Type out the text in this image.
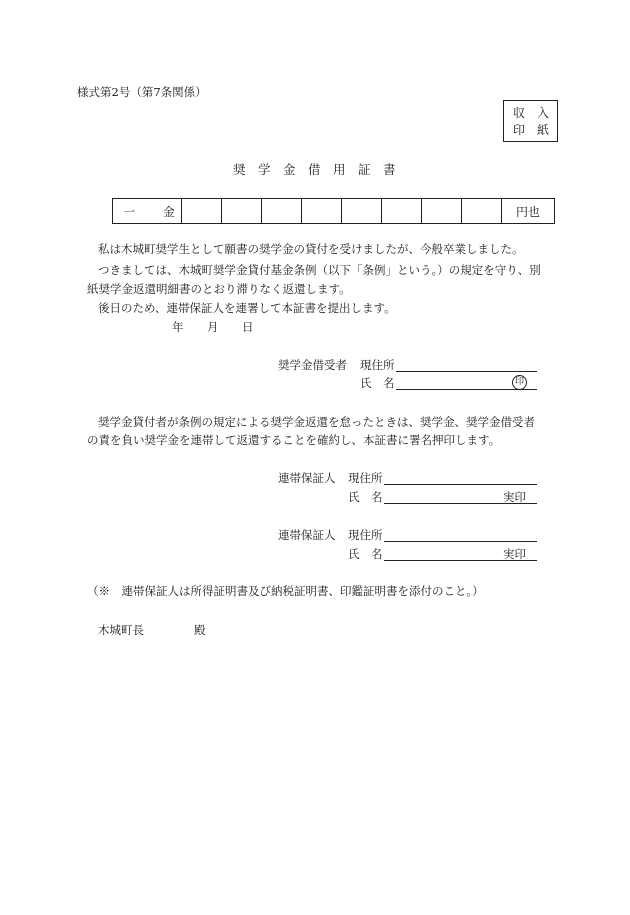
様式第2号（第7条関係）
収 入
印 紙
奨　学　金　借　用　証　書
一 金									円也
私は木城町奨学生として願書の奨学金の貸付を受けましたが、今般卒業しました。
つきましては、木城町奨学金貸付基金条例（以下「条例」という。）の規定を守り、別
紙奨学金返還明細書のとおり滞りなく返還します。
後日のため、連帯保証人を連署して本証書を提出します。
年 月 日
奨学金借受者 現住所
氏　名	印
奨学金貸付者が条例の規定による奨学金返還を怠ったときは、奨学金、奨学金借受者
の責を負い奨学金を連帯して返還することを確約し、本証書に署名押印します。
連帯保証人 現住所
氏　名	実印
連帯保証人 現住所
氏　名	実印
（※　連帯保証人は所得証明書及び納税証明書、印鑑証明書を添付のこと。）
木城町長	殿
